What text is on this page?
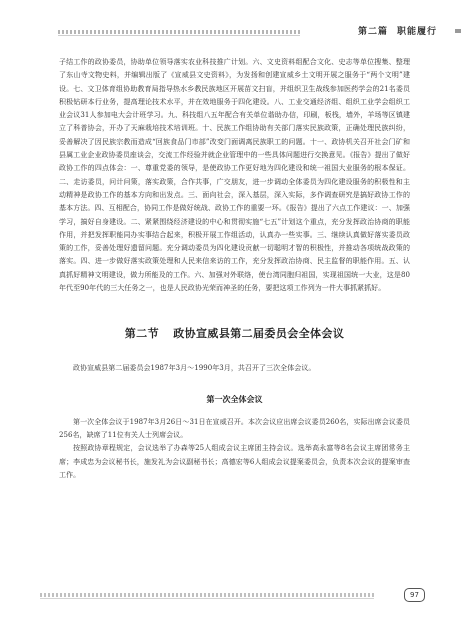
第二篇 职能履行

子结工作的政协委员，协助单位领导落实农业科技推广计划。六、文史资料组配合文化、史志等单位搜集、整理了东山寺文物史料，并编辑出版了《宣威县文史资料》，为发扬和创建宣威乡土文明开展之服务于“两个文明”建设。七、文卫体育组协助教育局指导热水乡教民族地区开展苗文扫盲，并组织卫生战线参加医药学会的21名委员积极钻研本行业务，提高理论技术水平，并在效地服务于四化建设。八、工业交通经济组、组织工业学会组织工业会议31人参加电大会计班学习。九、科技组八五年配合有关单位谐助办信，印刷，板栈，墙外，羊场等区镇建立了科普协会，开办了天麻栽培技术培训班。十、民族工作组协助有关部门落实民族政策，正确处理民族纠纷，妥善解决了因民族宗教而造成“回族食品门市部”改变门面调离民族职工的问题。十一、政协机关召开社会门矿和县属工业企业政协委员座谈会，交流工作经验并就企业管理中的一些具体问题进行交换意见。《报告》提出了做好政协工作的四点体会：一、尊重党委的领导，是使政协工作更好地为四化建设和统一祖国大业服务的根本保证。二、走访委员，问计问策，落实政策，合作共事，广交朋友，进一步调动全体委员为四化建设服务的积极性和主动精神是政协工作的基本方向和出发点。三、面向社会，深入基层，深入实际，多作调查研究是搞好政协工作的基本方法。四、互相配合，协同工作是做好统战、政协工作的重要一环。《报告》提出了六点工作建议：一、加强学习，搞好自身建设。二、紧紧围绕经济建设的中心和贯彻实施“七五”计划这个重点，充分发挥政治协商的职能作用，并把发挥职能同办实事结合起来，积极开展工作组活动，认真办一些实事。三、继续认真做好落实委员政策的工作，妥善处理好遗留问题。充分调动委员为四化建设贡献一切聪明才智的积极性，并推动各项统战政策的落实。四、进一步做好落实政策处理和人民来信来访的工作，充分发挥政治协商、民主监督的职能作用。五、认真抓好精神文明建设，做力所能及的工作。六、加强对外联络，使台湾同胞归祖国，实现祖国统一大业，这是80年代至90年代的三大任务之一，也是人民政协光荣而神圣的任务，要把这项工作列为一件大事抓紧抓好。

第二节 政协宣威县第二届委员会全体会议

政协宣威县第二届委员会1987年3月～1990年3月，共召开了三次全体会议。

第一次全体会议

第一次全体会议于1987年3月26日～31日在宣威召开。本次会议应出席会议委员260名，实际出席会议委员256名，缺席了11位有关人士列席会议。

按照政协章程规定，会议选举了办森等25人组成会议主席团主持会议。选举高永富等8名会议主席团常务主席；李成忠为会议秘书长，施发礼为会议副秘书长；高德宏等6人组成会议提案委员会，负责本次会议的提案审查工作。

97
